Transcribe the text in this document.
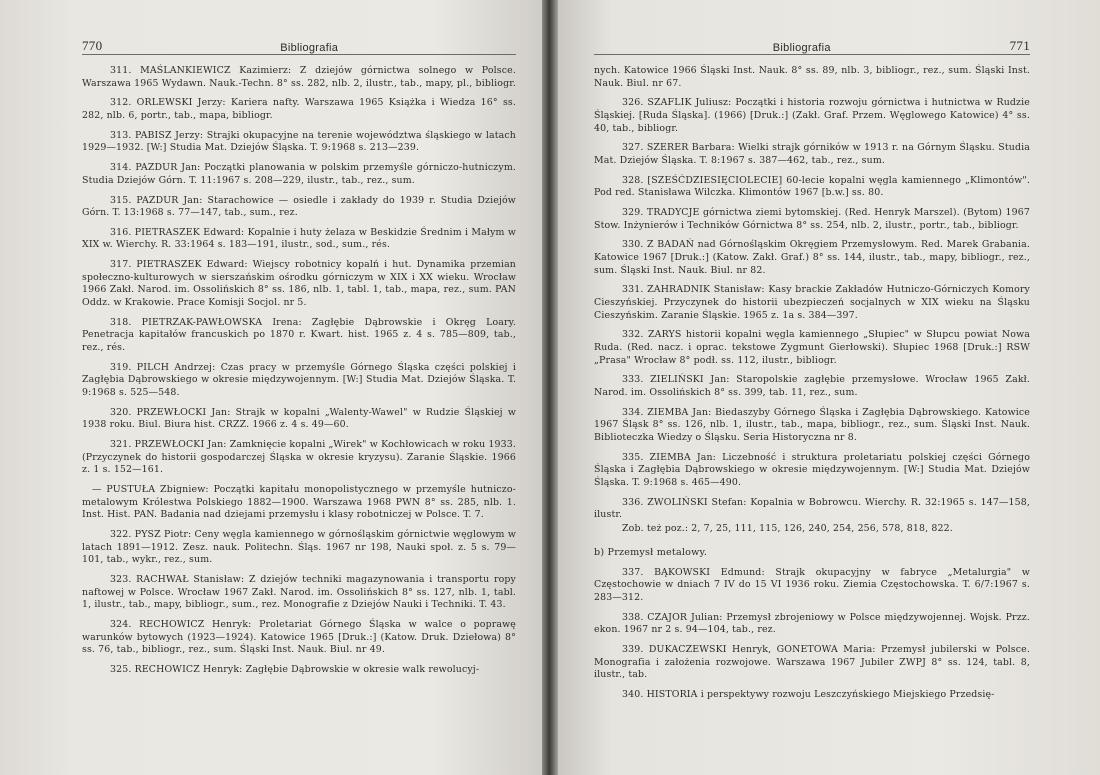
770	Bibliografia

311. MAŚLANKIEWICZ Kazimierz: Z dziejów górnictwa solnego w Polsce. Warszawa 1965 Wydawn. Nauk.-Techn. 8° ss. 282, nlb. 2, ilustr., tab., mapy, pl., bibliogr.

312. ORLEWSKI Jerzy: Kariera nafty. Warszawa 1965 Książka i Wiedza 16° ss. 282, nlb. 6, portr., tab., mapa, bibliogr.

313. PABISZ Jerzy: Strajki okupacyjne na terenie województwa śląskiego w latach 1929—1932. [W:] Studia Mat. Dziejów Śląska. T. 9:1968 s. 213—239.

314. PAZDUR Jan: Początki planowania w polskim przemyśle górniczo-hutniczym. Studia Dziejów Górn. T. 11:1967 s. 208—229, ilustr., tab., rez., sum.

315. PAZDUR Jan: Starachowice — osiedle i zakłady do 1939 r. Studia Dziejów Górn. T. 13:1968 s. 77—147, tab., sum., rez.

316. PIETRASZEK Edward: Kopalnie i huty żelaza w Beskidzie Średnim i Małym w XIX w. Wierchy. R. 33:1964 s. 183—191, ilustr., sod., sum., rés.

317. PIETRASZEK Edward: Wiejscy robotnicy kopalń i hut. Dynamika przemian społeczno-kulturowych w sierszańskim ośrodku górniczym w XIX i XX wieku. Wrocław 1966 Zakł. Narod. im. Ossolińskich 8° ss. 186, nlb. 1, tabl. 1, tab., mapa, rez., sum. PAN Oddz. w Krakowie. Prace Komisji Socjol. nr 5.

318. PIETRZAK-PAWŁOWSKA Irena: Zagłębie Dąbrowskie i Okręg Loary. Penetracja kapitałów francuskich po 1870 r. Kwart. hist. 1965 z. 4 s. 785—809, tab., rez., rés.

319. PILCH Andrzej: Czas pracy w przemyśle Górnego Śląska części polskiej i Zagłębia Dąbrowskiego w okresie międzywojennym. [W:] Studia Mat. Dziejów Śląska. T. 9:1968 s. 525—548.

320. PRZEWŁOCKI Jan: Strajk w kopalni „Walenty-Wawel" w Rudzie Śląskiej w 1938 roku. Biul. Biura hist. CRZZ. 1966 z. 4 s. 49—60.

321. PRZEWŁOCKI Jan: Zamknięcie kopalni „Wirek" w Kochłowicach w roku 1933. (Przyczynek do historii gospodarczej Śląska w okresie kryzysu). Zaranie Śląskie. 1966 z. 1 s. 152—161.

— PUSTUŁA Zbigniew: Początki kapitału monopolistycznego w przemyśle hutniczo-metalowym Królestwa Polskiego 1882—1900. Warszawa 1968 PWN 8° ss. 285, nlb. 1. Inst. Hist. PAN. Badania nad dziejami przemysłu i klasy robotniczej w Polsce. T. 7.

322. PYSZ Piotr: Ceny węgla kamiennego w górnośląskim górnictwie węglowym w latach 1891—1912. Zesz. nauk. Politechn. Śląs. 1967 nr 198, Nauki społ. z. 5 s. 79—101, tab., wykr., rez., sum.

323. RACHWAŁ Stanisław: Z dziejów techniki magazynowania i transportu ropy naftowej w Polsce. Wrocław 1967 Zakł. Narod. im. Ossolińskich 8° ss. 127, nlb. 1, tabl. 1, ilustr., tab., mapy, bibliogr., sum., rez. Monografie z Dziejów Nauki i Techniki. T. 43.

324. RECHOWICZ Henryk: Proletariat Górnego Śląska w walce o poprawę warunków bytowych (1923—1924). Katowice 1965 [Druk.:] (Katow. Druk. Dziełowa) 8° ss. 76, tab., bibliogr., rez., sum. Śląski Inst. Nauk. Biul. nr 49.

325. RECHOWICZ Henryk: Zagłębie Dąbrowskie w okresie walk rewolucyj-

Bibliografia	771

nych. Katowice 1966 Śląski Inst. Nauk. 8° ss. 89, nlb. 3, bibliogr., rez., sum. Śląski Inst. Nauk. Biul. nr 67.

326. SZAFLIK Juliusz: Początki i historia rozwoju górnictwa i hutnictwa w Rudzie Śląskiej. [Ruda Śląska]. (1966) [Druk.:] (Zakł. Graf. Przem. Węglowego Katowice) 4° ss. 40, tab., bibliogr.

327. SZERER Barbara: Wielki strajk górników w 1913 r. na Górnym Śląsku. Studia Mat. Dziejów Śląska. T. 8:1967 s. 387—462, tab., rez., sum.

328. [SZEŚĆDZIESIĘCIOLECIE] 60-lecie kopalni węgla kamiennego „Klimontów". Pod red. Stanisława Wilczka. Klimontów 1967 [b.w.] ss. 80.

329. TRADYCJE górnictwa ziemi bytomskiej. (Red. Henryk Marszel). (Bytom) 1967 Stow. Inżynierów i Techników Górnictwa 8° ss. 254, nlb. 2, ilustr., portr., tab., bibliogr.

330. Z BADAŃ nad Górnośląskim Okręgiem Przemysłowym. Red. Marek Grabania. Katowice 1967 [Druk.:] (Katow. Zakł. Graf.) 8° ss. 144, ilustr., tab., mapy, bibliogr., rez., sum. Śląski Inst. Nauk. Biul. nr 82.

331. ZAHRADNIK Stanisław: Kasy brackie Zakładów Hutniczo-Górniczych Komory Cieszyńskiej. Przyczynek do historii ubezpieczeń socjalnych w XIX wieku na Śląsku Cieszyńskim. Zaranie Śląskie. 1965 z. 1a s. 384—397.

332. ZARYS historii kopalni węgla kamiennego „Słupiec" w Słupcu powiat Nowa Ruda. (Red. nacz. i oprac. tekstowe Zygmunt Gierłowski). Słupiec 1968 [Druk.:] RSW „Prasa" Wrocław 8° podł. ss. 112, ilustr., bibliogr.

333. ZIELIŃSKI Jan: Staropolskie zagłębie przemysłowe. Wrocław 1965 Zakł. Narod. im. Ossolińskich 8° ss. 399, tab. 11, rez., sum.

334. ZIEMBA Jan: Biedaszyby Górnego Śląska i Zagłębia Dąbrowskiego. Katowice 1967 Śląsk 8° ss. 126, nlb. 1, ilustr., tab., mapa, bibliogr., rez., sum. Śląski Inst. Nauk. Biblioteczka Wiedzy o Śląsku. Seria Historyczna nr 8.

335. ZIEMBA Jan: Liczebność i struktura proletariatu polskiej części Górnego Śląska i Zagłębia Dąbrowskiego w okresie międzywojennym. [W:] Studia Mat. Dziejów Śląska. T. 9:1968 s. 465—490.

336. ZWOLIŃSKI Stefan: Kopalnia w Bobrowcu. Wierchy. R. 32:1965 s. 147—158, ilustr.

Zob. też poz.: 2, 7, 25, 111, 115, 126, 240, 254, 256, 578, 818, 822.

b) Przemysł metalowy.

337. BĄKOWSKI Edmund: Strajk okupacyjny w fabryce „Metalurgia" w Częstochowie w dniach 7 IV do 15 VI 1936 roku. Ziemia Częstochowska. T. 6/7:1967 s. 283—312.

338. CZAJOR Julian: Przemysł zbrojeniowy w Polsce międzywojennej. Wojsk. Przz. ekon. 1967 nr 2 s. 94—104, tab., rez.

339. DUKACZEWSKI Henryk, GONETOWA Maria: Przemysł jubilerski w Polsce. Monografia i założenia rozwojowe. Warszawa 1967 Jubiler ZWPJ 8° ss. 124, tabl. 8, ilustr., tab.

340. HISTORIA i perspektywy rozwoju Leszczyńskiego Miejskiego Przedsię-
